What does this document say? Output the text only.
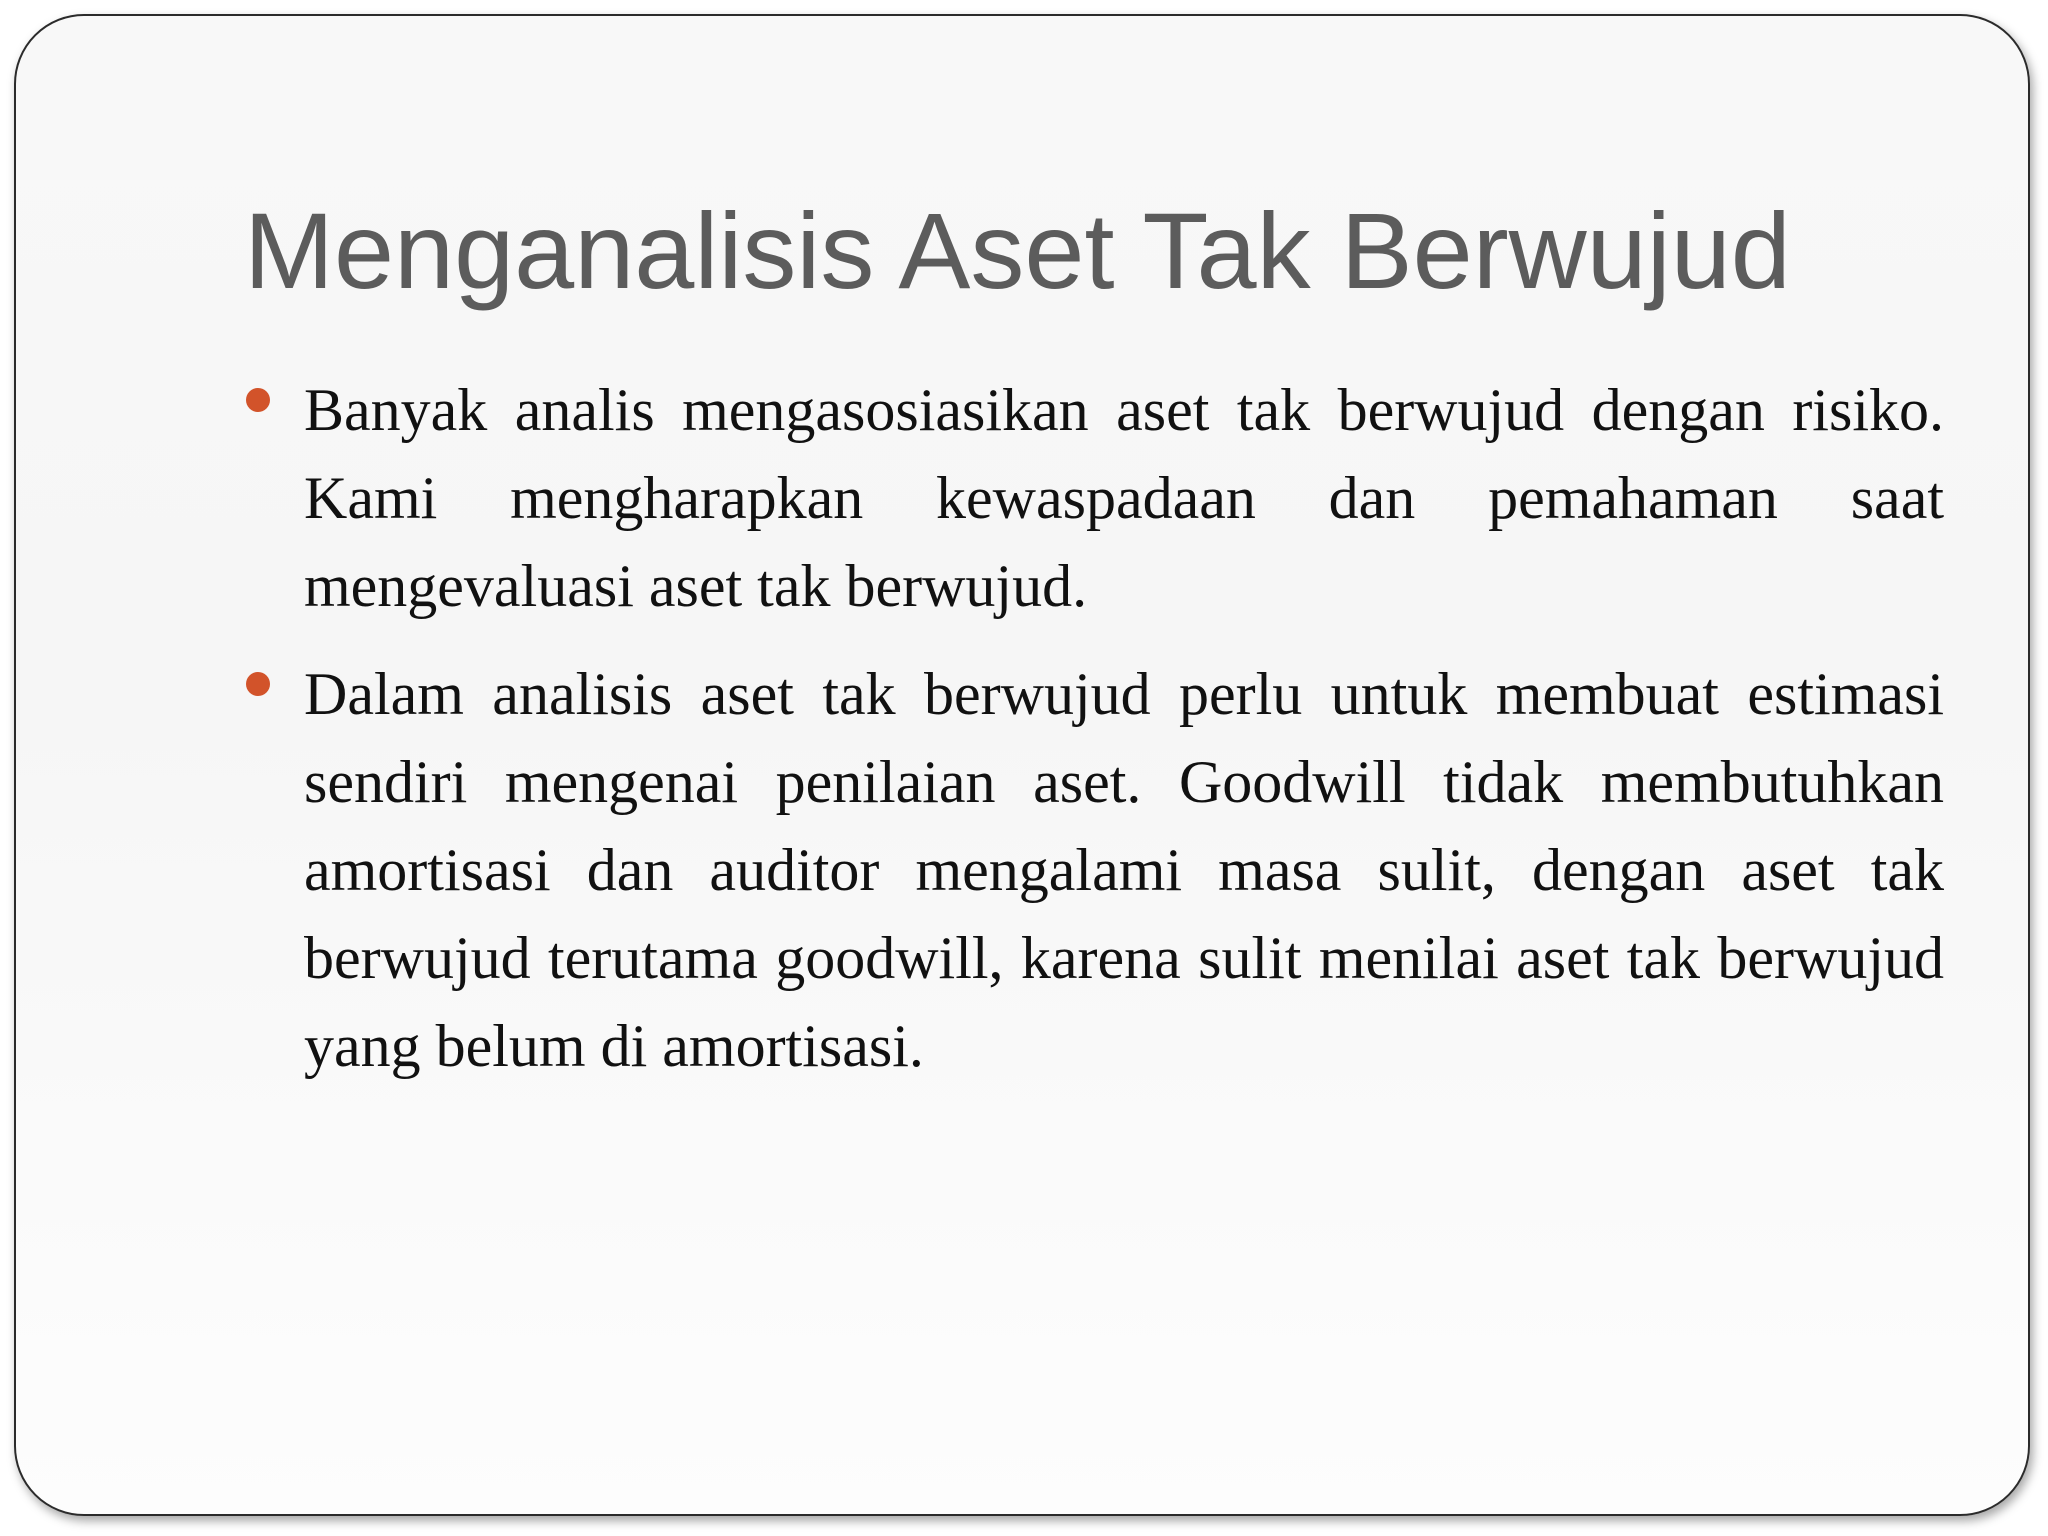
Menganalisis Aset Tak Berwujud
Banyak analis mengasosiasikan aset tak berwujud dengan risiko. Kami mengharapkan kewaspadaan dan pemahaman saat mengevaluasi aset tak berwujud.
Dalam analisis aset tak berwujud perlu untuk membuat estimasi sendiri mengenai penilaian aset. Goodwill tidak membutuhkan amortisasi dan auditor mengalami masa sulit, dengan aset tak berwujud terutama goodwill, karena sulit menilai aset tak berwujud yang belum di amortisasi.
